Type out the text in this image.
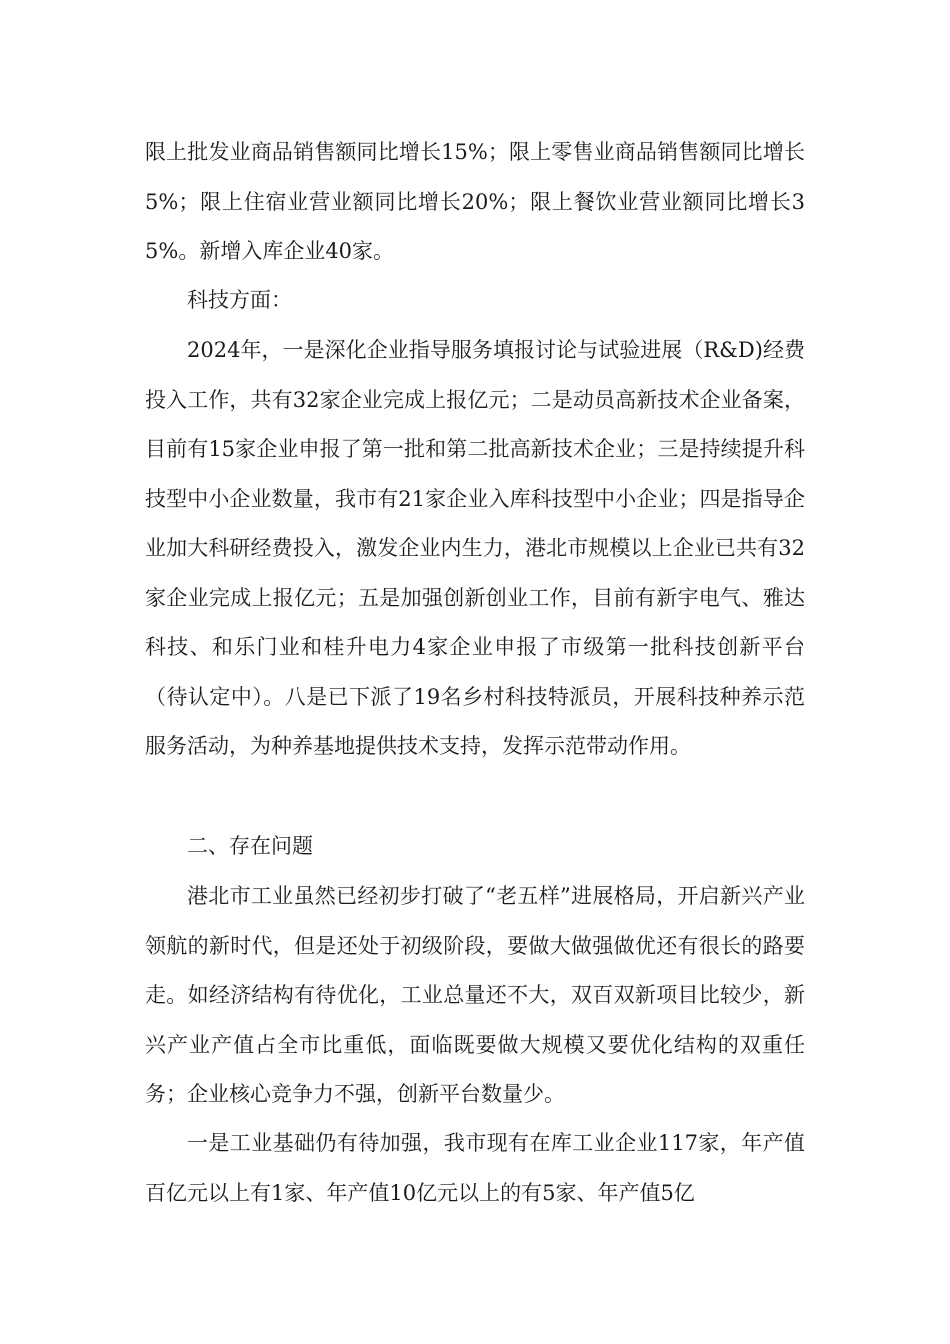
限上批发业商品销售额同比增长15%；限上零售业商品销售额同比增长5%；限上住宿业营业额同比增长20%；限上餐饮业营业额同比增长35%。新增入库企业40家。

科技方面：

2024年，一是深化企业指导服务填报讨论与试验进展（R&D)经费投入工作，共有32家企业完成上报亿元；二是动员高新技术企业备案，目前有15家企业申报了第一批和第二批高新技术企业；三是持续提升科技型中小企业数量，我市有21家企业入库科技型中小企业；四是指导企业加大科研经费投入，激发企业内生力，港北市规模以上企业已共有32家企业完成上报亿元；五是加强创新创业工作，目前有新宇电气、雅达科技、和乐门业和桂升电力4家企业申报了市级第一批科技创新平台（待认定中）。八是已下派了19名乡村科技特派员，开展科技种养示范服务活动，为种养基地提供技术支持，发挥示范带动作用。

二、存在问题

港北市工业虽然已经初步打破了“老五样”进展格局，开启新兴产业领航的新时代，但是还处于初级阶段，要做大做强做优还有很长的路要走。如经济结构有待优化，工业总量还不大，双百双新项目比较少，新兴产业产值占全市比重低，面临既要做大规模又要优化结构的双重任务；企业核心竞争力不强，创新平台数量少。

一是工业基础仍有待加强，我市现有在库工业企业117家，年产值百亿元以上有1家、年产值10亿元以上的有5家、年产值5亿
